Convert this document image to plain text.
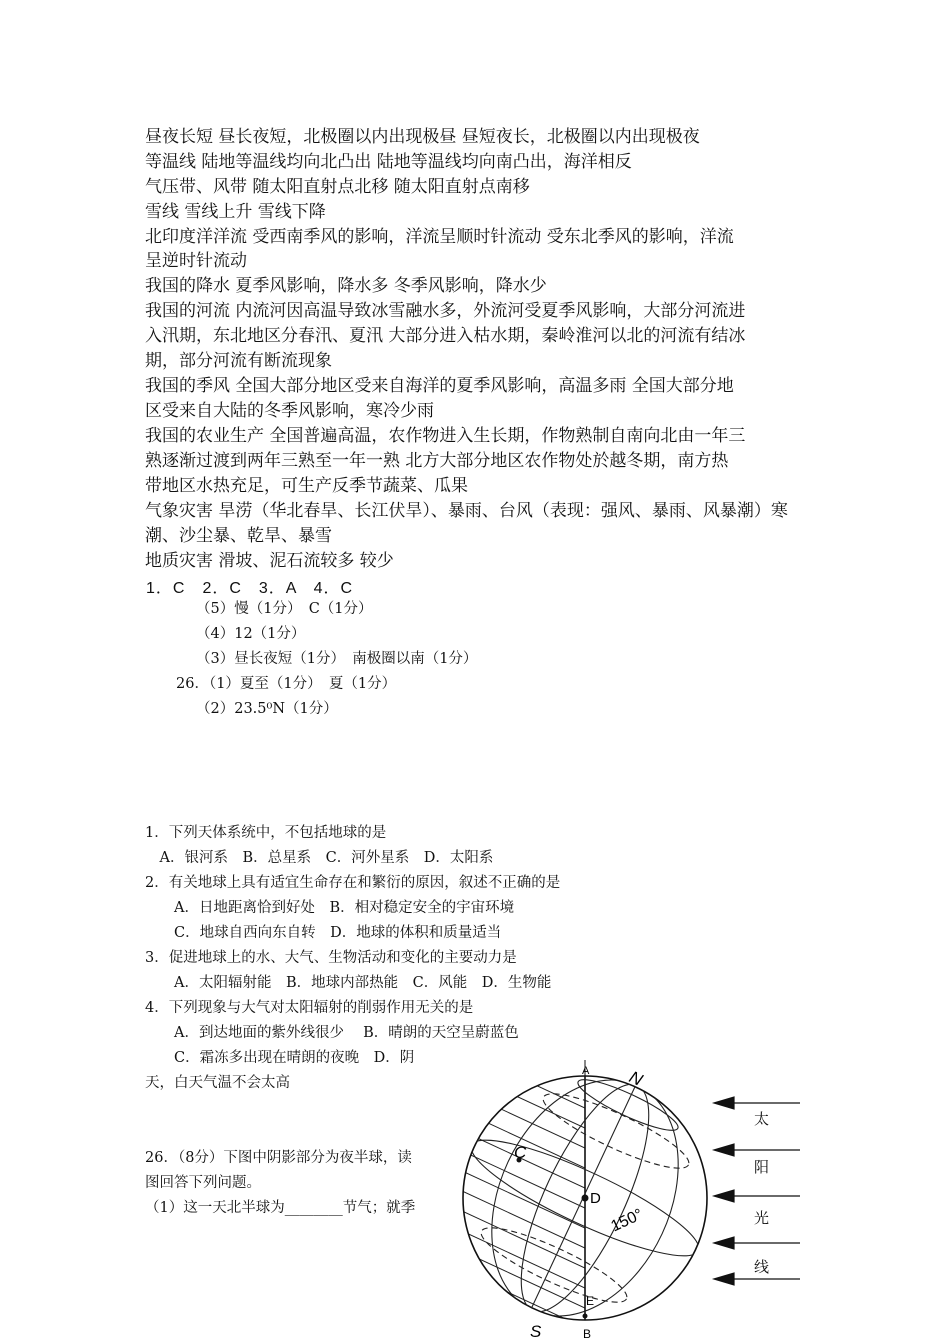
昼夜长短 昼长夜短，北极圈以内出现极昼 昼短夜长，北极圈以内出现极夜
等温线 陆地等温线均向北凸出 陆地等温线均向南凸出，海洋相反
气压带、风带 随太阳直射点北移 随太阳直射点南移
雪线 雪线上升 雪线下降
北印度洋洋流 受西南季风的影响，洋流呈顺时针流动 受东北季风的影响，洋流
呈逆时针流动
我国的降水 夏季风影响，降水多 冬季风影响，降水少
我国的河流 内流河因高温导致冰雪融水多，外流河受夏季风影响，大部分河流进
入汛期，东北地区分春汛、夏汛 大部分进入枯水期，秦岭淮河以北的河流有结冰
期，部分河流有断流现象
我国的季风 全国大部分地区受来自海洋的夏季风影响，高温多雨 全国大部分地
区受来自大陆的冬季风影响，寒冷少雨
我国的农业生产 全国普遍高温，农作物进入生长期，作物熟制自南向北由一年三
熟逐渐过渡到两年三熟至一年一熟 北方大部分地区农作物处於越冬期，南方热
带地区水热充足，可生产反季节蔬菜、瓜果
气象灾害 旱涝（华北春旱、长江伏旱）、暴雨、台风（表现：强风、暴雨、风暴潮）寒
潮、沙尘暴、乾旱、暴雪
地质灾害 滑坡、泥石流较多 较少
1．C　2．C　3．A　4．C
（5）慢（1分）　C（1分）
（4）12（1分）
（3）昼长夜短（1分）　南极圈以南（1分）
26．（1）夏至（1分）　夏（1分）
（2）23.5⁰N（1分）
1．下列天体系统中，不包括地球的是
　A．银河系　B．总星系　C．河外星系　D．太阳系
2．有关地球上具有适宜生命存在和繁衍的原因，叙述不正确的是
　　A．日地距离恰到好处　B．相对稳定安全的宇宙环境
　　C．地球自西向东自转　D．地球的体积和质量适当
3．促进地球上的水、大气、生物活动和变化的主要动力是
　　A．太阳辐射能　B．地球内部热能　C．风能　D．生物能
4．下列现象与大气对太阳辐射的削弱作用无关的是
　　A．到达地面的紫外线很少　 B．晴朗的天空呈蔚蓝色
　　C．霜冻多出现在晴朗的夜晚　D．阴
天，白天气温不会太高
26．（8分）下图中阴影部分为夜半球，读
图回答下列问题。
（1）这一天北半球为________节气；就季
A N
C
D
150°
E
S	B
太
阳
光
线
